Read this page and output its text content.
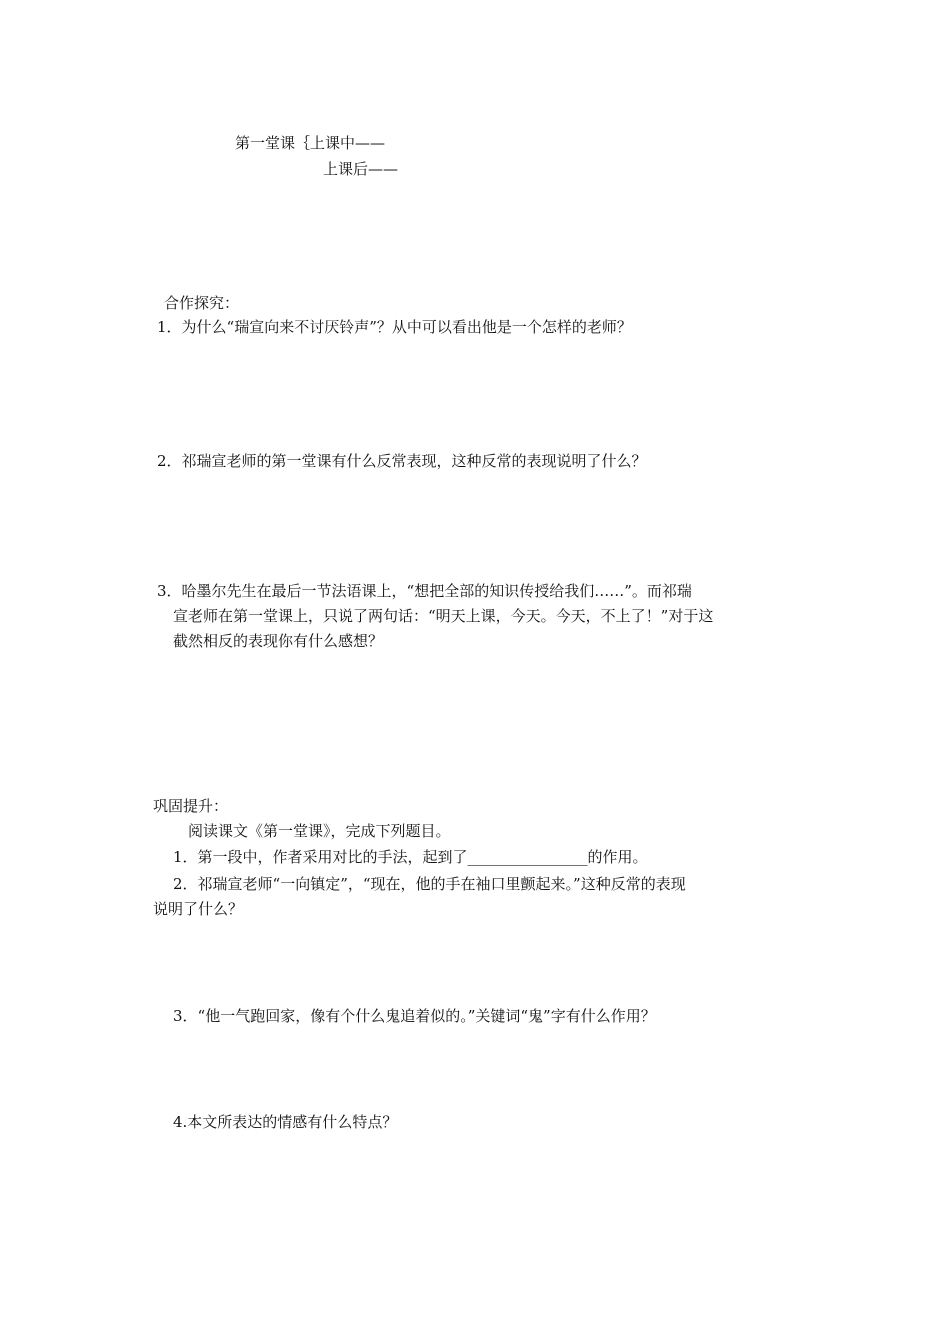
第一堂课｛上课中——
上课后——
合作探究：
1．为什么“瑞宣向来不讨厌铃声”？从中可以看出他是一个怎样的老师？
2．祁瑞宣老师的第一堂课有什么反常表现，这种反常的表现说明了什么？
3．哈墨尔先生在最后一节法语课上，“想把全部的知识传授给我们……”。而祁瑞
宣老师在第一堂课上，只说了两句话：“明天上课，今天。今天，不上了！”对于这
截然相反的表现你有什么感想？
巩固提升：
阅读课文《第一堂课》，完成下列题目。
1．第一段中，作者采用对比的手法，起到了________________的作用。
2．祁瑞宣老师“一向镇定”，“现在，他的手在袖口里颤起来。”这种反常的表现
说明了什么？
3．“他一气跑回家，像有个什么鬼追着似的。”关键词“鬼”字有什么作用？
4.本文所表达的情感有什么特点？
